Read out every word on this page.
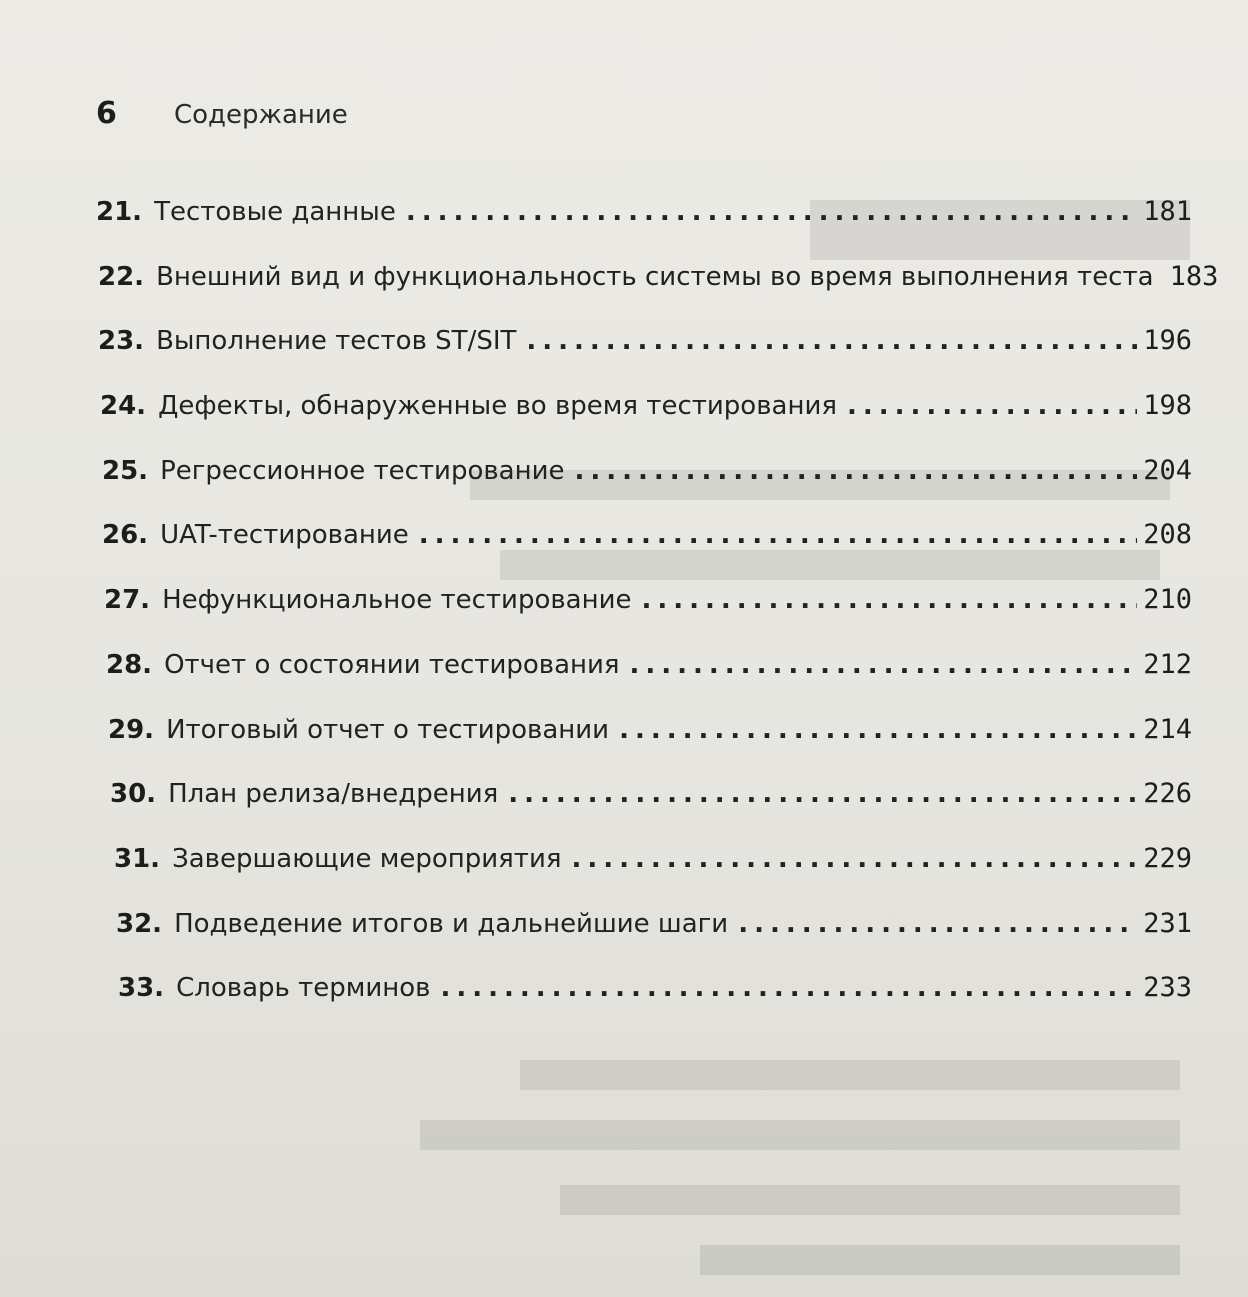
6	Содержание
21. Тестовые данные .....	181
22. Внешний вид и функциональность системы во время выполнения теста 183
23. Выполнение тестов ST/SIT .....	196
24. Дефекты, обнаруженные во время тестирования .....	198
25. Регрессионное тестирование .....	204
26. UAT-тестирование .....	208
27. Нефункциональное тестирование .....	210
28. Отчет о состоянии тестирования .....	212
29. Итоговый отчет о тестировании .....	214
30. План релиза/внедрения .....	226
31. Завершающие мероприятия .....	229
32. Подведение итогов и дальнейшие шаги .....	231
33. Словарь терминов .....	233
